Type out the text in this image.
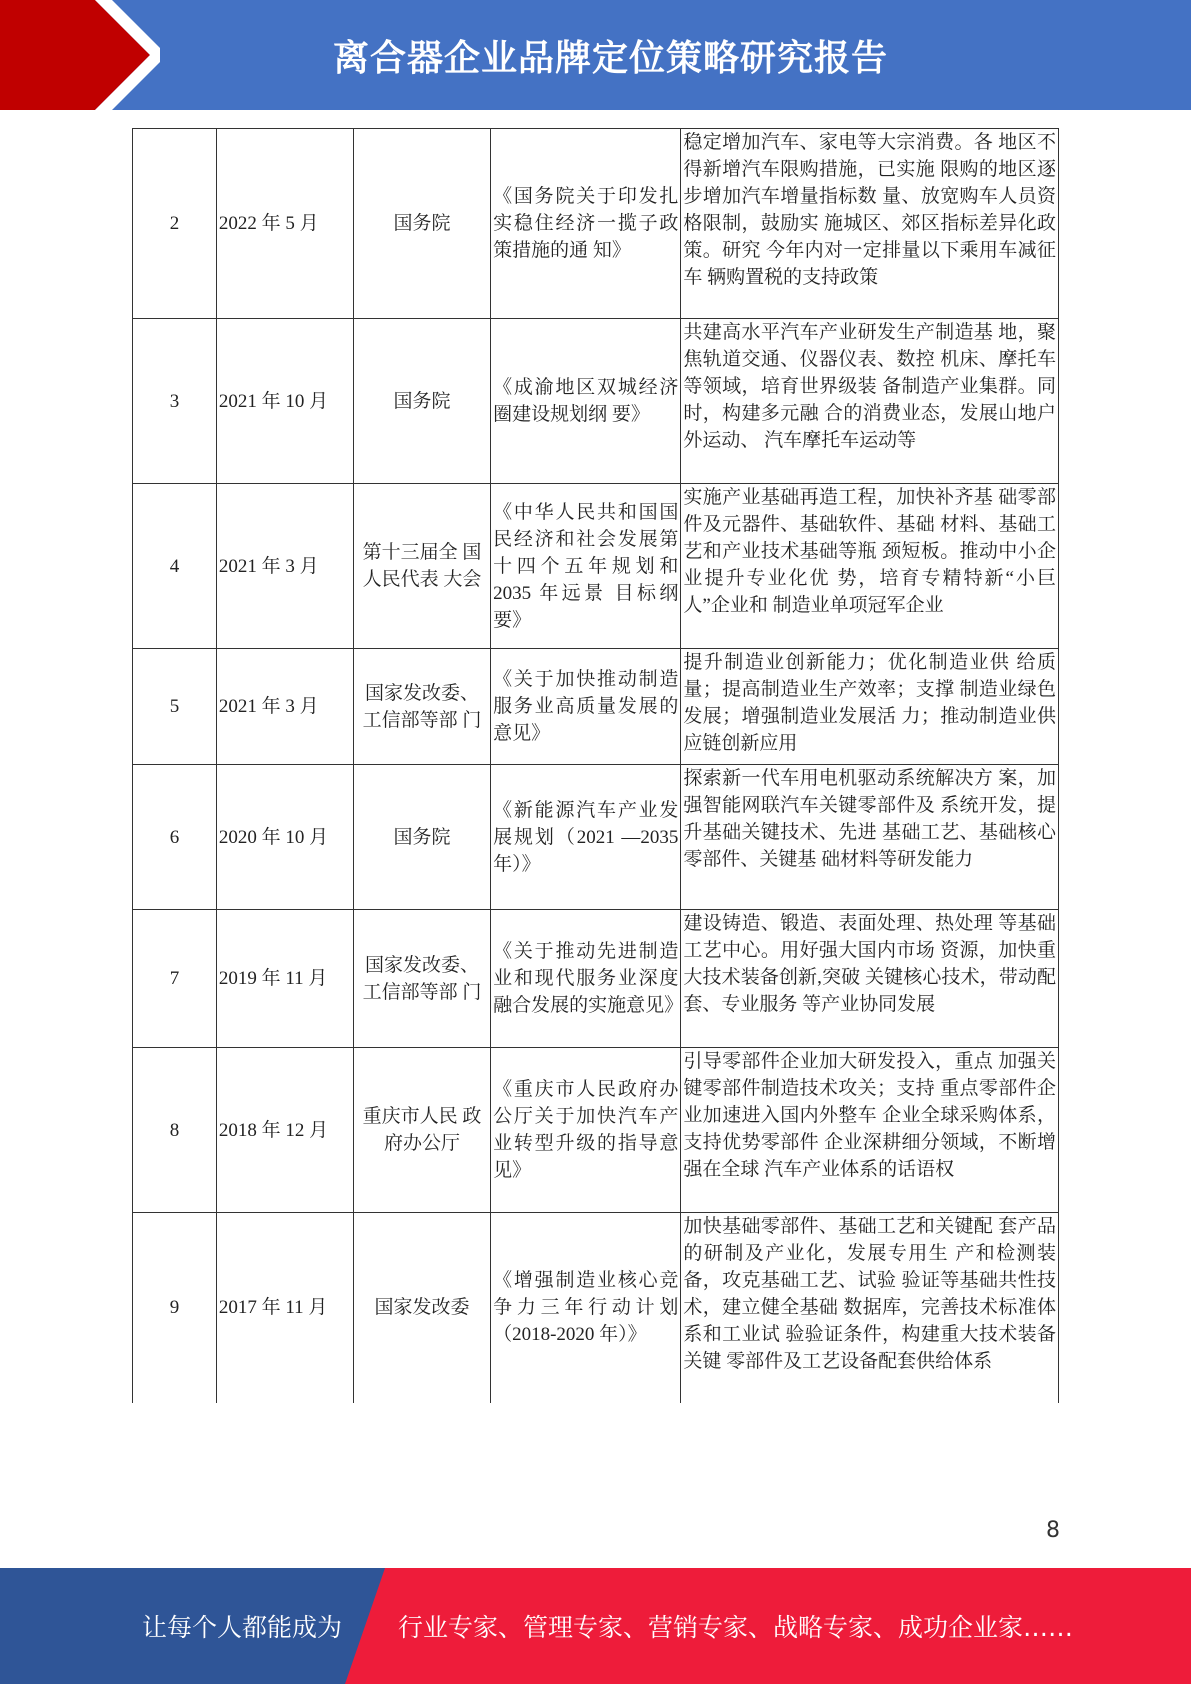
离合器企业品牌定位策略研究报告
2	2022 年 5 月	国务院	《国务院关于印发扎实稳住经济一揽子政策措施的通 知》	稳定增加汽车、家电等大宗消费。各 地区不得新增汽车限购措施，已实施 限购的地区逐步增加汽车增量指标数 量、放宽购车人员资格限制，鼓励实 施城区、郊区指标差异化政策。研究 今年内对一定排量以下乘用车减征车 辆购置税的支持政策
3	2021 年 10 月	国务院	《成渝地区双城经济圈建设规划纲 要》	共建高水平汽车产业研发生产制造基 地，聚焦轨道交通、仪器仪表、数控 机床、摩托车等领域，培育世界级装 备制造产业集群。同时，构建多元融 合的消费业态，发展山地户外运动、 汽车摩托车运动等
4	2021 年 3 月	第十三届全 国人民代表 大会	《中华人民共和国国民经济和社会发展第十四个五年规划和 2035 年远景 目标纲要》	实施产业基础再造工程，加快补齐基 础零部件及元器件、基础软件、基础 材料、基础工艺和产业技术基础等瓶 颈短板。推动中小企业提升专业化优 势，培育专精特新“小巨人”企业和 制造业单项冠军企业
5	2021 年 3 月	国家发改委、 工信部等部 门	《关于加快推动制造服务业高质量发展的意见》	提升制造业创新能力；优化制造业供 给质量；提高制造业生产效率；支撑 制造业绿色发展；增强制造业发展活 力；推动制造业供应链创新应用
6	2020 年 10 月	国务院	《新能源汽车产业发展规划（2021 —2035 年）》	探索新一代车用电机驱动系统解决方 案，加强智能网联汽车关键零部件及 系统开发，提升基础关键技术、先进 基础工艺、基础核心零部件、关键基 础材料等研发能力
7	2019 年 11 月	国家发改委、 工信部等部 门	《关于推动先进制造业和现代服务业深度融合发展的实施意见》	建设铸造、锻造、表面处理、热处理 等基础工艺中心。用好强大国内市场 资源，加快重大技术装备创新,突破 关键核心技术，带动配套、专业服务 等产业协同发展
8	2018 年 12 月	重庆市人民 政府办公厅	《重庆市人民政府办公厅关于加快汽车产业转型升级的指导意见》	引导零部件企业加大研发投入，重点 加强关键零部件制造技术攻关；支持 重点零部件企业加速进入国内外整车 企业全球采购体系，支持优势零部件 企业深耕细分领域，不断增强在全球 汽车产业体系的话语权
9	2017 年 11 月	国家发改委	《增强制造业核心竞争力三年行动计划（2018-2020 年）》	加快基础零部件、基础工艺和关键配 套产品的研制及产业化，发展专用生 产和检测装备，攻克基础工艺、试验 验证等基础共性技术，建立健全基础 数据库，完善技术标准体系和工业试 验验证条件，构建重大技术装备关键 零部件及工艺设备配套供给体系
8
让每个人都能成为 行业专家、管理专家、营销专家、战略专家、成功企业家……
